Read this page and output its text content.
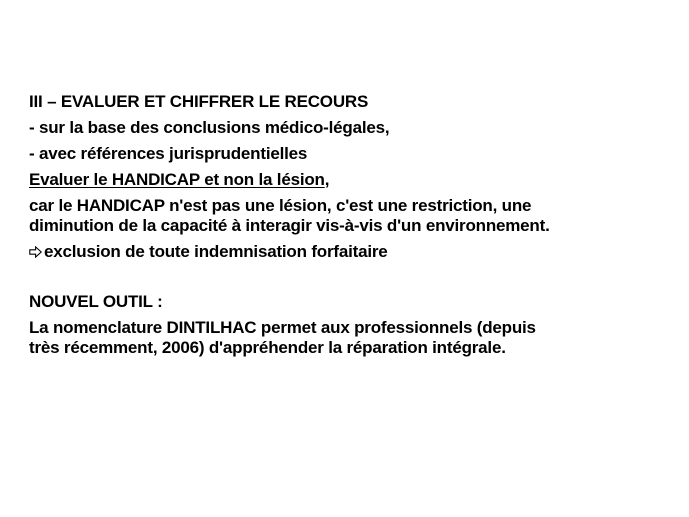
III – EVALUER ET CHIFFRER LE RECOURS

- sur la base des conclusions médico-légales,

- avec références jurisprudentielles

Evaluer le HANDICAP et non la lésion,

car le HANDICAP n'est pas une lésion, c'est une restriction, une

diminution de la capacité à interagir vis-à-vis d'un environnement.

exclusion de toute indemnisation forfaitaire

NOUVEL OUTIL :

La nomenclature DINTILHAC permet aux professionnels (depuis

très récemment, 2006) d'appréhender la réparation intégrale.
